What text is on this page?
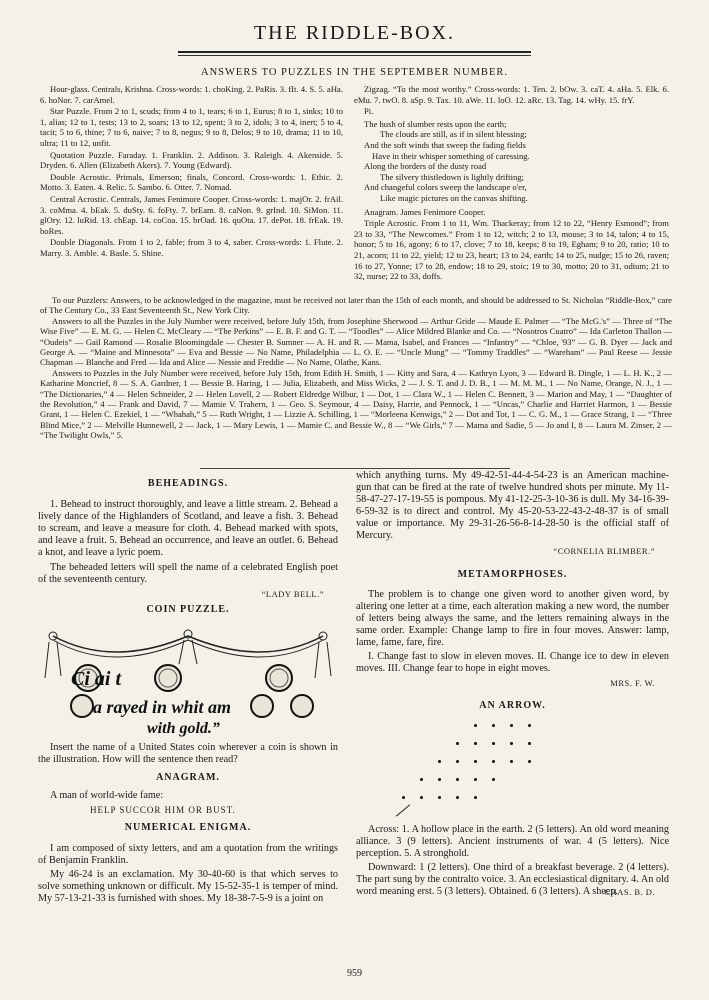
THE RIDDLE-BOX.
ANSWERS TO PUZZLES IN THE SEPTEMBER NUMBER.

Hour-glass. Centrals, Krishna. Cross-words: 1. choKing. 2. PaRis. 3. fIt. 4. S. 5. aHa. 6. hoNor. 7. carAmel.

Star Puzzle. From 2 to 1, scuds; from 4 to 1, tears; 6 to 1, Eurus; 8 to 1, sinks; 10 to 1, alias; 12 to 1, tests; 13 to 2, soars; 13 to 12, spent; 3 to 2, idols; 3 to 4, inert; 5 to 4, tacit; 5 to 6, thine; 7 to 6, naive; 7 to 8, negus; 9 to 8, Delos; 9 to 10, drama; 11 to 10, ultra; 11 to 12, unfit.

Quotation Puzzle. Faraday. 1. Franklin. 2. Addison. 3. Raleigh. 4. Akenside. 5. Dryden. 6. Allen (Elizabeth Akers). 7. Young (Edward).

Double Acrostic. Primals, Emerson; finals, Concord. Cross-words: 1. Ethic. 2. Motto. 3. Eaten. 4. Relic. 5. Sambo. 6. Otter. 7. Nomad.

Central Acrostic. Centrals, James Fenimore Cooper. Cross-words: 1. majOr. 2. frAil. 3. coMma. 4. bEak. 5. duSty. 6. foFty. 7. brEam. 8. caNon. 9. grInd. 10. SiMon. 11. glOry. 12. luRid. 13. chEap. 14. coCoa. 15. brOad. 16. quOta. 17. dePot. 18. frEak. 19. boRes.

Double Diagonals. From 1 to 2, fable; from 3 to 4, saber. Cross-words: 1. Flute. 2. Marry. 3. Amble. 4. Basle. 5. Shine.

Zigzag. “To the most worthy.” Cross-words: 1. Ten. 2. bOw. 3. caT. 4. aHa. 5. Elk. 6. eMu. 7. twO. 8. aSp. 9. Tax. 10. aWe. 11. loO. 12. aRc. 13. Tag. 14. wHy. 15. frY.

Pi.

The hush of slumber rests upon the earth;
The clouds are still, as if in silent blessing;
And the soft winds that sweep the fading fields
Have in their whisper something of caressing.
Along the borders of the dusty road
The silvery thistledown is lightly drifting;
And changeful colors sweep the landscape o'er,
Like magic pictures on the canvas shifting.

Anagram. James Fenimore Cooper.

Triple Acrostic. From 1 to 11, Wm. Thackeray; from 12 to 22, “Henry Esmond”; from 23 to 33, “The Newcomes.” From 1 to 12, witch; 2 to 13, mouse; 3 to 14, talon; 4 to 15, honor; 5 to 16, agony; 6 to 17, clove; 7 to 18, keeps; 8 to 19, Egham; 9 to 20, ratio; 10 to 21, acorn; 11 to 22, yield; 12 to 23, heart; 13 to 24, earth; 14 to 25, nudge; 15 to 26, raven; 16 to 27, Yonne; 17 to 28, endow; 18 to 29, stoic; 19 to 30, motto; 20 to 31, odium; 21 to 32, nurse; 22 to 33, doffs.

To our Puzzlers: Answers, to be acknowledged in the magazine, must be received not later than the 15th of each month, and should be addressed to St. Nicholas “Riddle-Box,” care of The Century Co., 33 East Seventeenth St., New York City.

Answers to all the Puzzles in the July Number were received, before July 15th, from Josephine Sherwood — Arthur Gride — Maude E. Palmer — “The McG.'s” — Three of “The Wise Five” — E. M. G. — Helen C. McCleary — “The Perkins” — E. B. F. and G. T. — “Toodles” — Alice Mildred Blanke and Co. — “Nosotros Cuatro” — Ida Carleton Thallon — “Oudeis” — Gail Ramond — Rosalie Bloomingdale — Chester B. Sumner — A. H. and R. — Mama, Isabel, and Frances — “Infantry” — “Chloe, '93” — G. B. Dyer — Jack and George A. — “Maine and Minnesota” — Eva and Bessie — No Name, Philadelphia — L. O. E. — “Uncle Mung” — “Tommy Traddles” — “Wareham” — Paul Reese — Jessie Chapman — Blanche and Fred — Ida and Alice — Nessie and Freddie — No Name, Olathe, Kans.

Answers to Puzzles in the July Number were received, before July 15th, from Edith H. Smith, 1 — Kitty and Sara, 4 — Kathryn Lyon, 3 — Edward B. Dingle, 1 — L. H. K., 2 — Katharine Moncrief, 8 — S. A. Gardner, 1 — Bessie B. Haring, 1 — Julia, Elizabeth, and Miss Wicks, 2 — J. S. T. and J. D. B., 1 — M. M. M., 1 — No Name, Orange, N. J., 1 — “The Dictionaries,” 4 — Helen Schneider, 2 — Helen Lovell, 2 — Robert Eldredge Wilbur, 1 — Dot, 1 — Clara W., 1 — Helen C. Bennett, 3 — Marion and May, 1 — “Daughter of the Revolution,” 4 — Frank and David, 7 — Mamie V. Trahern, 1 — Geo. S. Seymour, 4 — Daisy, Harrie, and Pennock, 1 — “Uncas,” Charlie and Harriet Harmon, 1 — Bessie Grant, 1 — Helen C. Ezekiel, 1 — “Whahah,” 5 — Ruth Wright, 1 — Lizzie A. Schilling, 1 — “Morleena Kenwigs,” 2 — Dot and Tot, 1 — C. G. M., 1 — Grace Strang, 1 — “Three Blind Mice,” 2 — Melville Hunnewell, 2 — Jack, 1 — Mary Lewis, 1 — Mamie C. and Bessie W., 8 — “We Girls,” 7 — Mama and Sadie, 5 — Jo and I, 8 — Laura M. Zinser, 2 — “The Twilight Owls,” 5.

BEHEADINGS.

1. Behead to instruct thoroughly, and leave a little stream. 2. Behead a lively dance of the Highlanders of Scotland, and leave a fish. 3. Behead to scream, and leave a measure for cloth. 4. Behead marked with spots, and leave a fruit. 5. Behead an occurrence, and leave an outlet. 6. Behead a knot, and leave a lyric poem.

The beheaded letters will spell the name of a celebrated English poet of the seventeenth century.

“LADY BELL.”
COIN PUZZLE.
Ci ai t
a rayed in whit am
with gold.”

Insert the name of a United States coin wherever a coin is shown in the illustration. How will the sentence then read?

ANAGRAM.

A man of world-wide fame:

HELP SUCCOR HIM OR BUST.
NUMERICAL ENIGMA.

I am composed of sixty letters, and am a quotation from the writings of Benjamin Franklin.

My 46-24 is an exclamation. My 30-40-60 is that which serves to solve something unknown or difficult. My 15-52-35-1 is temper of mind. My 57-13-21-33 is furnished with shoes. My 18-38-7-5-9 is a joint on

which anything turns. My 49-42-51-44-4-54-23 is an American machine-gun that can be fired at the rate of twelve hundred shots per minute. My 11-58-47-27-17-19-55 is pompous. My 41-12-25-3-10-36 is dull. My 34-16-39-6-59-32 is to direct and control. My 45-20-53-22-43-2-48-37 is of small value or importance. My 29-31-26-56-8-14-28-50 is the official staff of Mercury.

“CORNELIA BLIMBER.”
METAMORPHOSES.

The problem is to change one given word to another given word, by altering one letter at a time, each alteration making a new word, the number of letters being always the same, and the letters remaining always in the same order. Example: Change lamp to fire in four moves. Answer: lamp, lame, fame, fare, fire.

I. Change fast to slow in eleven moves. II. Change ice to dew in eleven moves. III. Change fear to hope in eight moves.

MRS. F. W.
AN ARROW.

Across: 1. A hollow place in the earth. 2 (5 letters). An old word meaning alliance. 3 (9 letters). Ancient instruments of war. 4 (5 letters). Nice perception. 5. A stronghold.

Downward: 1 (2 letters). One third of a breakfast beverage. 2 (4 letters). The part sung by the contralto voice. 3. An ecclesiastical dignitary. 4. An old word meaning erst. 5 (3 letters). Obtained. 6 (3 letters). A sheep.

CHAS. B. D.
959
